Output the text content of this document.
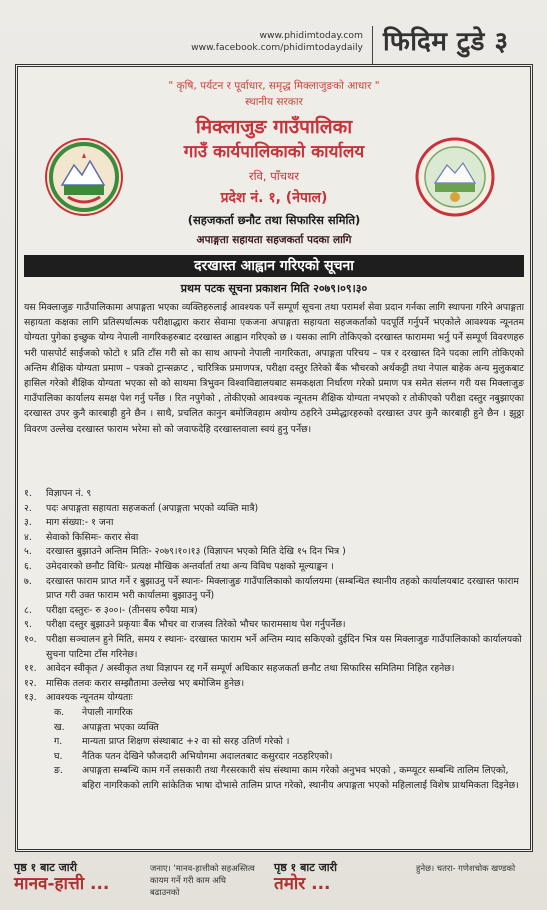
www.phidimtoday.com
www.facebook.com/phidimtodaydaily फिदिम टुडे ३
" कृषि, पर्यटन र पूर्वाधार, समृद्ध मिक्लाजुङको आधार "
स्थानीय सरकार
मिक्लाजुङ गाउँपालिका
गाउँ कार्यपालिकाको कार्यालय
रवि, पाँचथर
प्रदेश नं. १, (नेपाल)
(सहजकर्ता छनौट तथा सिफारिस समिति)
अपाङ्गता सहायता सहजकर्ता पदका लागि
दरखास्त आह्वान गरिएको सूचना
प्रथम पटक सूचना प्रकाशन मिति २०७९।०९।३०
यस मिक्लाजुङ गाउँपालिकामा अपाङ्गता भएका व्यक्तिहरुलाई आवश्यक पर्ने सम्पूर्ण सूचना तथा परामर्श सेवा प्रदान गर्नका लागि स्थापना गरिने अपाङ्गता सहायता कक्षका लागि प्रतिस्पर्धात्मक परीक्षाद्धारा करार सेवामा एकजना अपाङ्गता सहायता सहजकर्ताको पदपूर्ति गर्नुपर्ने भएकोले आवश्यक न्यूनतम योग्यता पुगेका इच्छुक योग्य नेपाली नागरिकहरुबाट दरखास्त आह्वान गरिएको छ । यसका लागि तोकिएको दरखास्त फाराममा भर्नु पर्ने सम्पूर्ण विवरणहरु भरी पासपोर्ट साईजको फोटो १ प्रति टाँस गरी सो का साथ आफ्नो नेपाली नागरिकता, अपाङ्गता परिचय – पत्र र दरखास्त दिने पदका लागि तोकिएको अन्तिम शैक्षिक योग्यता प्रमाण – पत्रको ट्रान्सक्रप्ट , चारित्रिक प्रमाणपत्र, परीक्षा दस्तुर तिरेको बैंक भौचरको अर्थकट्टी तथा नेपाल बाहेक अन्य मुलुकबाट हासिल गरेको शैक्षिक योग्यता भएका सो को साथमा त्रिभुवन विश्वाविद्यालयबाट समकक्षता निर्धारण गरेको प्रमाण पत्र समेत संलग्न गरी यस मिक्लाजुङ गाउँपालिका कार्यालय समक्ष पेश गर्नु पर्नेछ । रित नपुगेको , तोकीएको आवश्यक न्यूनतम शैक्षिक योग्यता नभएको र तोकीएको परीक्षा दस्तुर नबुझाएका दरखास्त उपर कुनै कारबाही हुने छैन । साथै, प्रचलित कानुन बमोजिवहाम अयोग्य ठहरिने उम्मेद्धारहरुको दरखास्त उपर कुनै कारबाही हुने छैन । झुठ्ठा विवरण उल्लेख दरखास्त फाराम भरेमा सो को जवाफदेहि दरखास्तवाला स्वयं हुनु पर्नेछ।
१.	विज्ञापन नं. ९
२.	पदः अपाङ्गता सहायता सहजकर्ता (अपाङ्गता भएको व्यक्ति मात्रै)
३.	माग संख्या:- १ जना
४.	सेवाको किसिमः- करार सेवा
५.	दरखास्त बुझाउने अन्तिम मितिः- २०७९।१०।१३ (विज्ञापन भएको मिति देखि १५ दिन भित्र )
६.	उमेदवारको छनौट विधिः- प्रत्यक्ष मौखिक अन्तर्वार्ता तथा अन्य विविध पक्षको मूल्याङ्कन ।
७.	दरखास्त फाराम प्राप्त गर्ने र बुझाउनु पर्ने स्थानः- मिक्लाजुङ गाउँपालिकाको कार्यालयमा (सम्बन्धित स्थानीय तहको कार्यालयबाट दरखास्त फाराम प्राप्त गरी उक्त फाराम भरी कार्यालमा बुझाउनु पर्ने)
८.	परीक्षा दस्तुरः- रु ३००।- (तीनसय रुपैया मात्र)
९.	परीक्षा दस्तुर बुझाउने प्रकृयाः बैंक भौचर वा राजस्व तिरेको भौचर फारामसाथ पेश गर्नुपर्नेछ।
१०.	परीक्षा सञ्चालन हुने मिति, समय र स्थानः- दरखास्त फाराम भर्ने अन्तिम म्याद सकिएको दुईदिन भित्र यस मिक्लाजुङ गाउँपालिकाको कार्यालयको सुचना पाटिमा टाँस गरिनेछ।
११.	आवेदन स्वीकृत / अस्वीकृत तथा विज्ञापन रद्द गर्ने सम्पूर्ण अधिकार सहजकर्ता छनौट तथा सिफारिस समितिमा निहित रहनेछ।
१२.	मासिक तलवः करार सम्झौतामा उल्लेख भए बमोजिम हुनेछ।
१३.	आवश्यक न्यूनतम योग्यताः
क.	नेपाली नागरिक
ख.	अपाङ्गता भएका व्यक्ति
ग.	मान्यता प्राप्त शिक्षण संस्थाबाट +२ वा सो सरह उतिर्ण गरेको ।
घ.	नैतिक पतन देखिने फौजदारी अभियोगमा अदालतबाट कसुरदार नठहरिएको।
ङ.	अपाङ्गता सम्बन्धि काम गर्ने लसकारी तथा गैरसरकारी संघ संस्थामा काम गरेको अनुभव भएको , कम्प्यूटर सम्बन्धि तालिम लिएको, बहिरा नागरिकको लागि सांकेतिक भाषा दोभासे तालिम प्राप्त गरेको, स्थानीय अपाङ्गता भएको महिलालाई विशेष प्राथमिकता दिइनेछ।
पृष्ठ १ बाट जारी
मानव-हात्ती ...
जनाए। 'मानव-हात्तीको सहअस्तित्व कायम गर्ने गरी काम अघि बढाउनको
पृष्ठ १ बाट जारी
तमोर ...
हुनेछ। चतरा- गणेशचोक खण्डको
